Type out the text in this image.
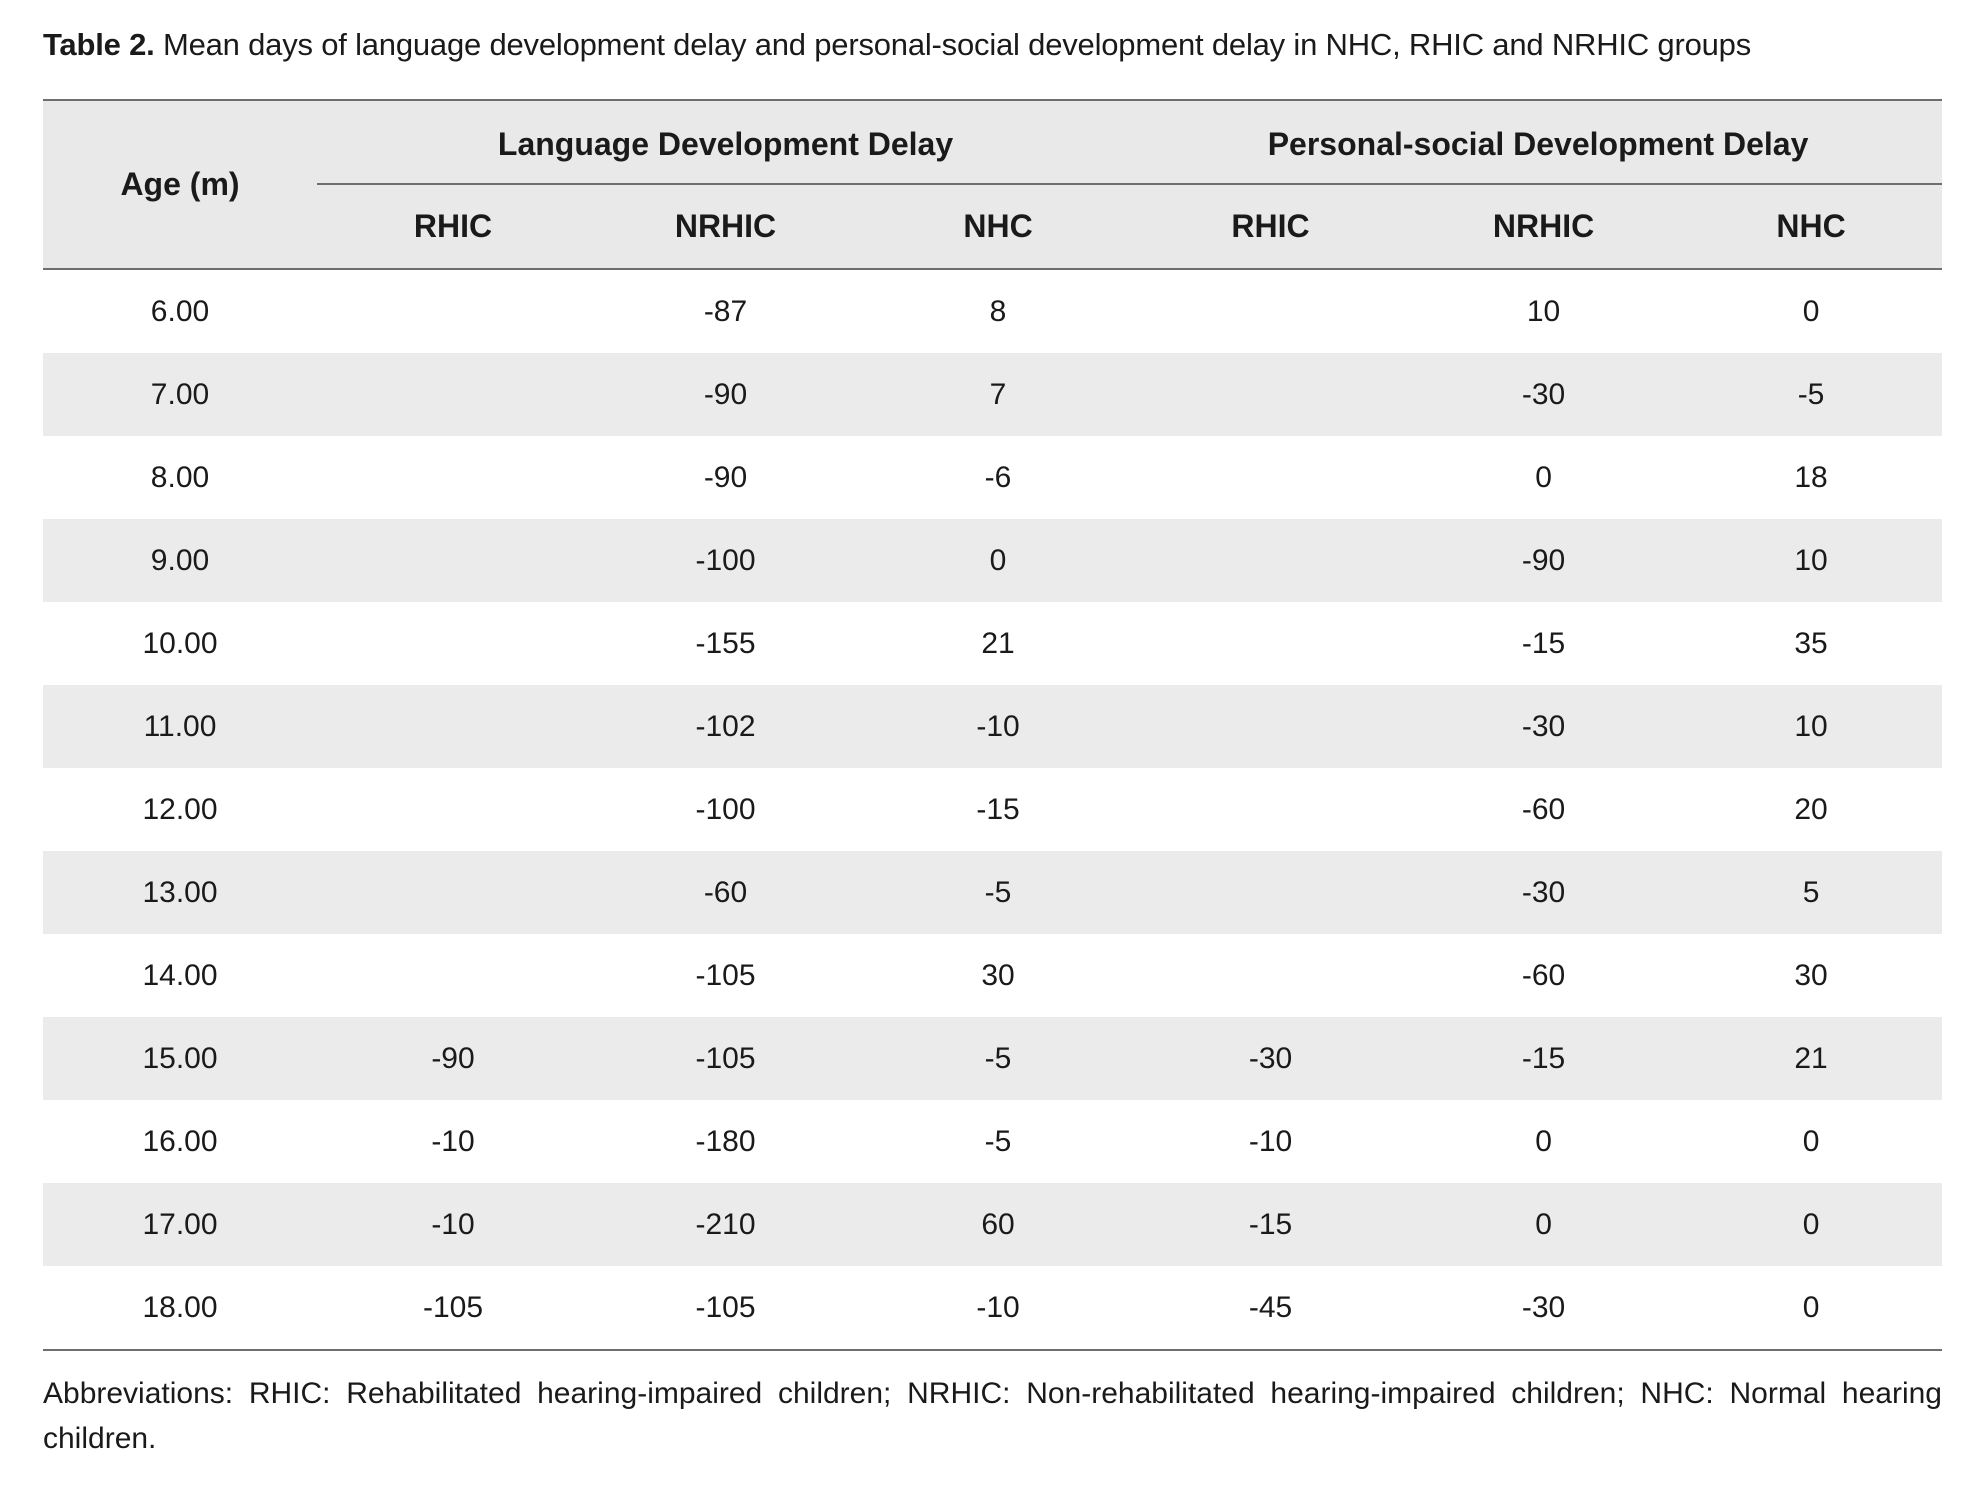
Table 2. Mean days of language development delay and personal-social development delay in NHC, RHIC and NRHIC groups
Age (m)	Language Development Delay			Personal-social Development Delay		
	RHIC	NRHIC	NHC	RHIC	NRHIC	NHC
6.00		-87	8		10	0
7.00		-90	7		-30	-5
8.00		-90	-6		0	18
9.00		-100	0		-90	10
10.00		-155	21		-15	35
11.00		-102	-10		-30	10
12.00		-100	-15		-60	20
13.00		-60	-5		-30	5
14.00		-105	30		-60	30
15.00	-90	-105	-5	-30	-15	21
16.00	-10	-180	-5	-10	0	0
17.00	-10	-210	60	-15	0	0
18.00	-105	-105	-10	-45	-30	0
Abbreviations: RHIC: Rehabilitated hearing-impaired children; NRHIC: Non-rehabilitated hearing-impaired children; NHC: Normal hearing children.
